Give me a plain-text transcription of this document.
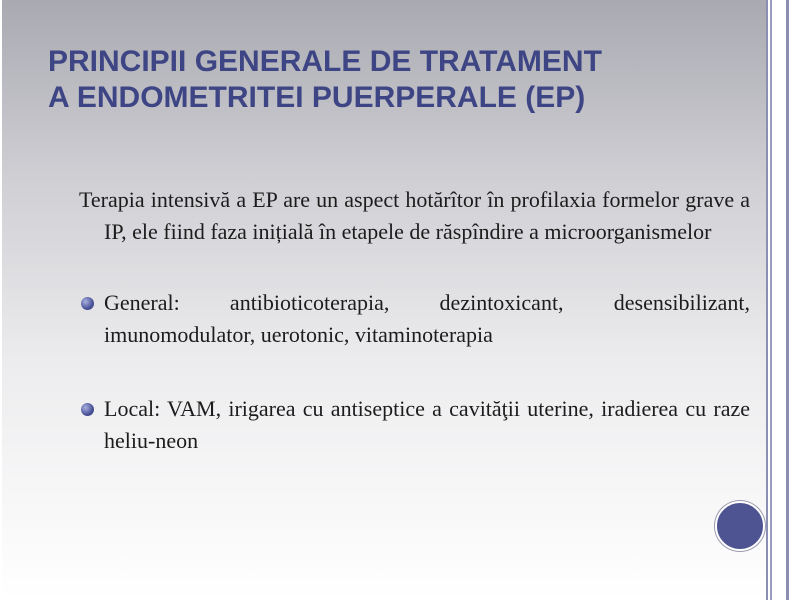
PRINCIPII GENERALE DE TRATAMENT
A ENDOMETRITEI PUERPERALE (EP)

Terapia intensivă a EP are un aspect hotărîtor în profilaxia formelor grave a IP, ele fiind faza inițială în etapele de răspîndire a microorganismelor

General: antibioticoterapia, dezintoxicant, desensibilizant, imunomodulator, uerotonic, vitaminoterapia
Local: VAM, irigarea cu antiseptice a cavităţii uterine, iradierea cu raze heliu-neon
